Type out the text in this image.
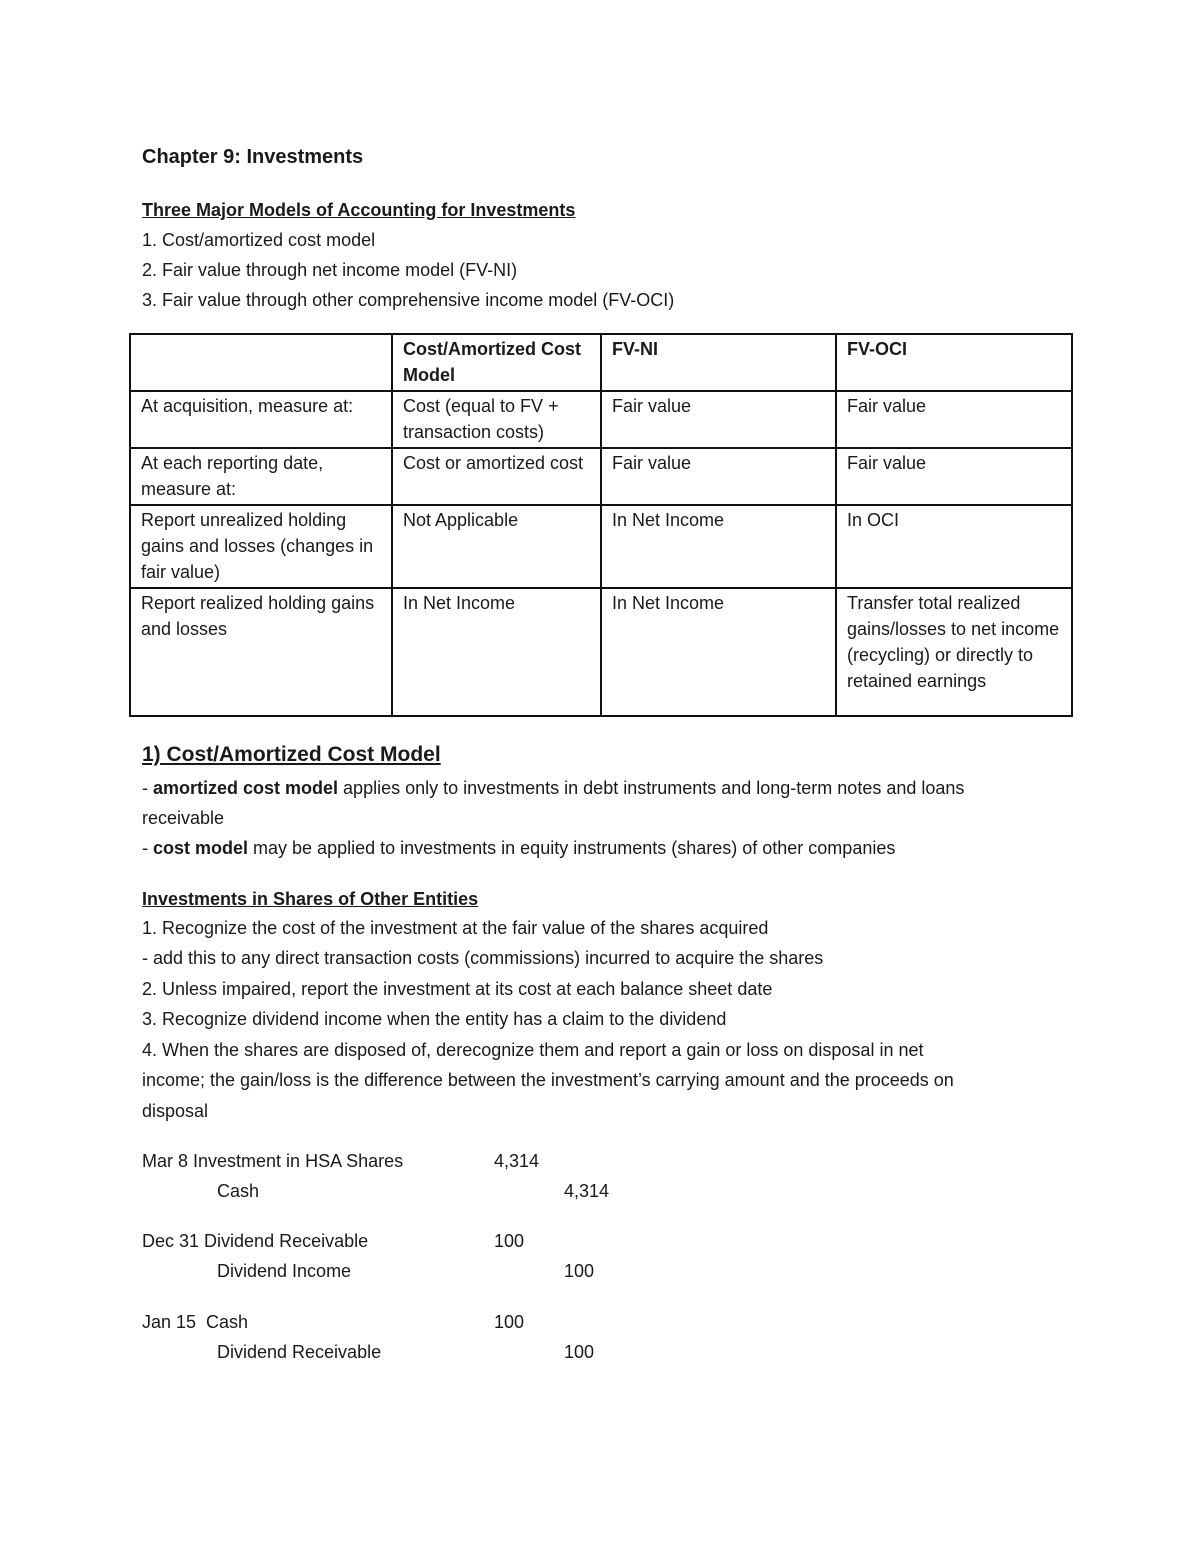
Chapter 9: Investments
Three Major Models of Accounting for Investments
1. Cost/amortized cost model
2. Fair value through net income model (FV-NI)
3. Fair value through other comprehensive income model (FV-OCI)
	Cost/Amortized Cost Model	FV-NI	FV-OCI
At acquisition, measure at:	Cost (equal to FV + transaction costs)	Fair value	Fair value
At each reporting date, measure at:	Cost or amortized cost	Fair value	Fair value
Report unrealized holding gains and losses (changes in fair value)	Not Applicable	In Net Income	In OCI
Report realized holding gains and losses	In Net Income	In Net Income	Transfer total realized gains/losses to net income (recycling) or directly to retained earnings
1) Cost/Amortized Cost Model
- amortized cost model applies only to investments in debt instruments and long-term notes and loans
receivable
- cost model may be applied to investments in equity instruments (shares) of other companies
Investments in Shares of Other Entities
1. Recognize the cost of the investment at the fair value of the shares acquired
- add this to any direct transaction costs (commissions) incurred to acquire the shares
2. Unless impaired, report the investment at its cost at each balance sheet date
3. Recognize dividend income when the entity has a claim to the dividend
4. When the shares are disposed of, derecognize them and report a gain or loss on disposal in net
income; the gain/loss is the difference between the investment’s carrying amount and the proceeds on
disposal
Mar 8 Investment in HSA Shares	4,314
Cash	4,314
Dec 31 Dividend Receivable	100
Dividend Income	100
Jan 15  Cash	100
Dividend Receivable	100
